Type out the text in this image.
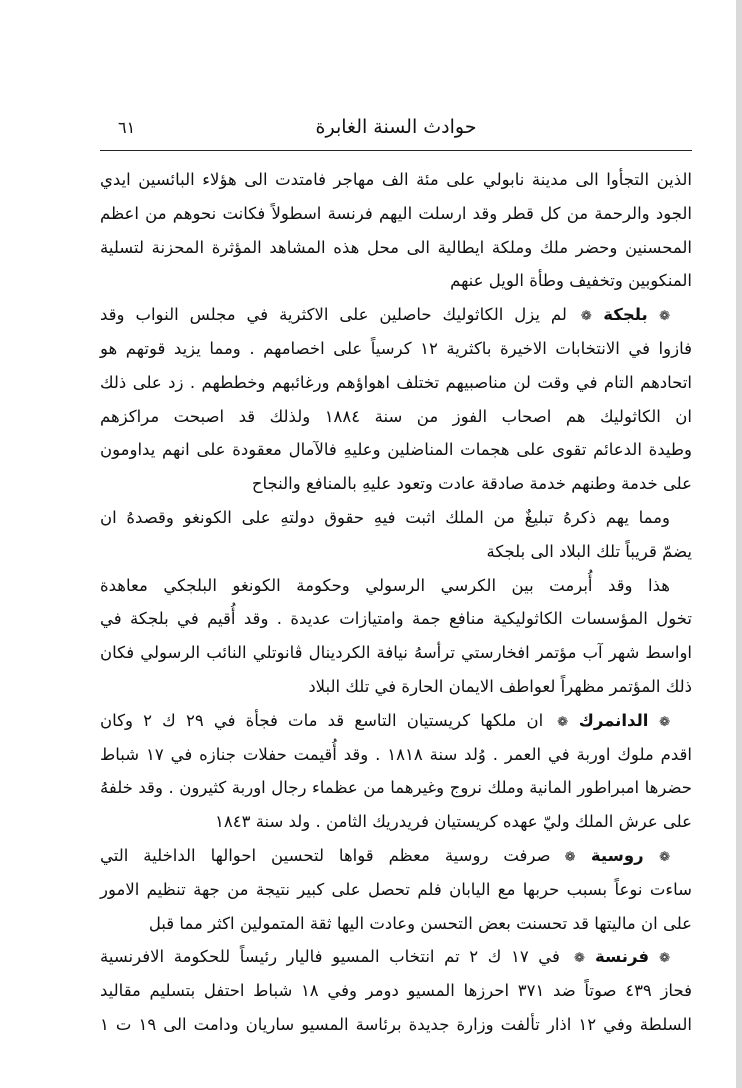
حوادث السنة الغابرة
٦١
الذين التجأوا الى مدينة نابولي على مئة الف مهاجر فامتدت الى هؤلاء البائسين ايدي
الجود والرحمة من كل قطر وقد ارسلت اليهم فرنسة اسطولاً فكانت نحوهم من اعظم
المحسنين وحضر ملك وملكة ايطالية الى محل هذه المشاهد المؤثرة المحزنة لتسلية
المنكوبين وتخفيف وطأة الويل عنهم
❁ بلجكة ❁لم يزل الكاثوليك حاصلين على الاكثرية في مجلس النواب وقد
فازوا في الانتخابات الاخيرة باكثرية ١٢ كرسياً على اخصامهم . ومما يزيد قوتهم هو
اتحادهم التام في وقت لن مناصبيهم تختلف اهواؤهم ورغائبهم وخططهم . زد على ذلك
ان الكاثوليك هم اصحاب الفوز من سنة ١٨٨٤ ولذلك قد اصبحت مراكزهم
وطيدة الدعائم تقوى على هجمات المناضلين وعليهِ فالآمال معقودة على انهم يداومون
على خدمة وطنهم خدمة صادقة عادت وتعود عليهِ بالمنافع والنجاح
ومما يهم ذكرهُ تبليغٌ من الملك اثبت فيهِ حقوق دولتهِ على الكونغو وقصدهُ ان
يضمّ قريباً تلك البلاد الى بلجكة
هذا وقد أُبرمت بين الكرسي الرسولي وحكومة الكونغو البلجكي معاهدة
تخول المؤسسات الكاثوليكية منافع جمة وامتيازات عديدة . وقد أُقيم في بلجكة في
اواسط شهر آب مؤتمر افخارستي ترأسهُ نيافة الكردينال ڤانوتلي النائب الرسولي فكان
ذلك المؤتمر مظهراً لعواطف الايمان الحارة في تلك البلاد
❁ الدانمرك ❁ان ملكها كريستيان التاسع قد مات فجأة في ٢٩ ك ٢ وكان
اقدم ملوك اوربة في العمر . وُلد سنة ١٨١٨ . وقد أُقيمت حفلات جنازه في ١٧ شباط
حضرها امبراطور المانية وملك نروج وغيرهما من عظماء رجال اوربة كثيرون . وقد خلفهُ
على عرش الملك وليّ عهده كريستيان فريدريك الثامن . ولد سنة ١٨٤٣
❁ روسية ❁صرفت روسية معظم قواها لتحسين احوالها الداخلية التي
ساءت نوعاً بسبب حربها مع اليابان فلم تحصل على كبير نتيجة من جهة تنظيم الامور
على ان ماليتها قد تحسنت بعض التحسن وعادت اليها ثقة المتمولين اكثر مما قبل
❁ فرنسة ❁في ١٧ ك ٢ تم انتخاب المسيو فاليار رئيساً للحكومة الافرنسية
فحاز ٤٣٩ صوتاً ضد ٣٧١ احرزها المسيو دومر وفي ١٨ شباط احتفل بتسليم مقاليد
السلطة وفي ١٢ اذار تألفت وزارة جديدة برئاسة المسيو ساريان ودامت الى ١٩ ت ١
